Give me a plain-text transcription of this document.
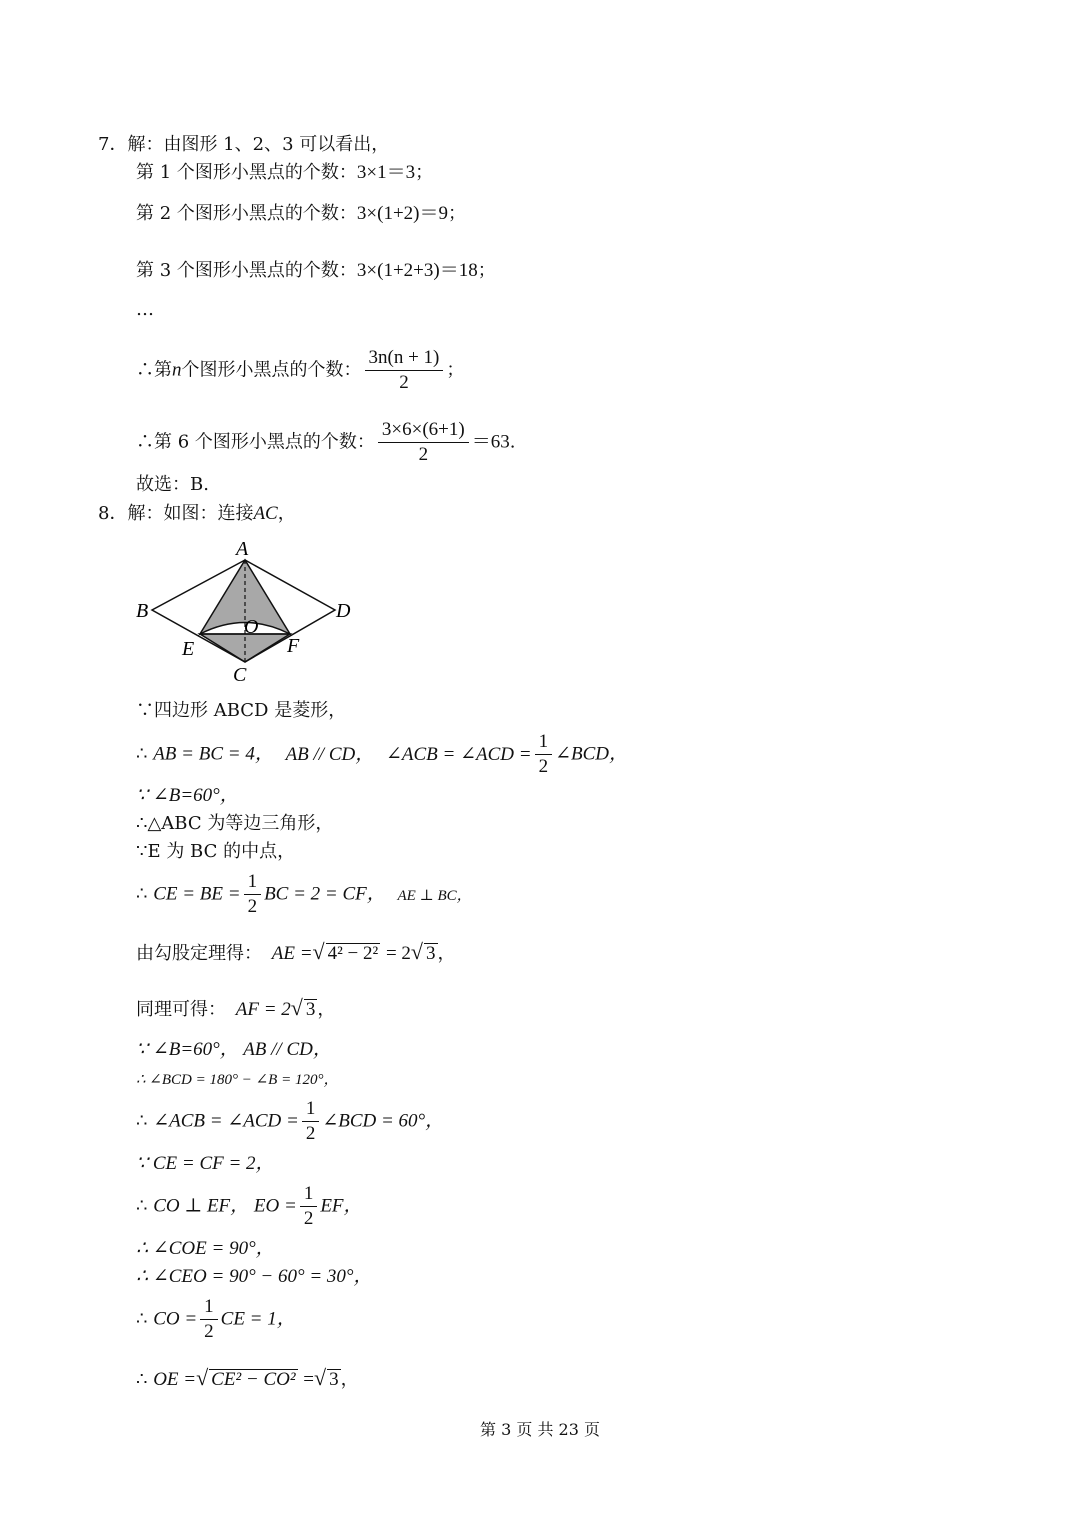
7．解：由图形 1、2、3 可以看出，
第 1 个图形小黑点的个数：3×1＝3；
第 2 个图形小黑点的个数：3×(1+2)＝9；
第 3 个图形小黑点的个数：3×(1+2+3)＝18；
…
∴第n个图形小黑点的个数： $\frac{3n(n + 1)}{2}$ ；
∴第 6 个图形小黑点的个数： $\frac{3\times 6\times(6+1)}{2} =63$.
故选：B.
8．解：如图：连接AC，
A
B	D
O
E	F
C
∵四边形 ABCD 是菱形，
∴ AB = BC = 4， AB // CD， ∠ACB = ∠ACD = $\frac{1}{2}$ ∠BCD，
∵ ∠B=60°，
∴△ABC 为等边三角形，
∵E 为 BC 的中点，
∴ CE = BE = $\frac{1}{2}$ BC = 2 = CF， AE ⊥ BC，
由勾股定理得： AE =√ 4² − 2² = 2√ 3 ，
同理可得： AF = 2√ 3 ，
∵ ∠B=60°， AB // CD，
∴ ∠BCD = 180° − ∠B = 120°，
∴ ∠ACB = ∠ACD = $\frac{1}{2}$ ∠BCD = 60°，
∵ CE = CF = 2，
∴ CO ⊥ EF， EO = $\frac{1}{2}$ EF，
∴ ∠COE = 90°，
∴ ∠CEO = 90° − 60° = 30°，
∴ CO = $\frac{1}{2}$ CE = 1，
∴ OE =√ CE² − CO² =√ 3 ，
第 3 页 共 23 页
